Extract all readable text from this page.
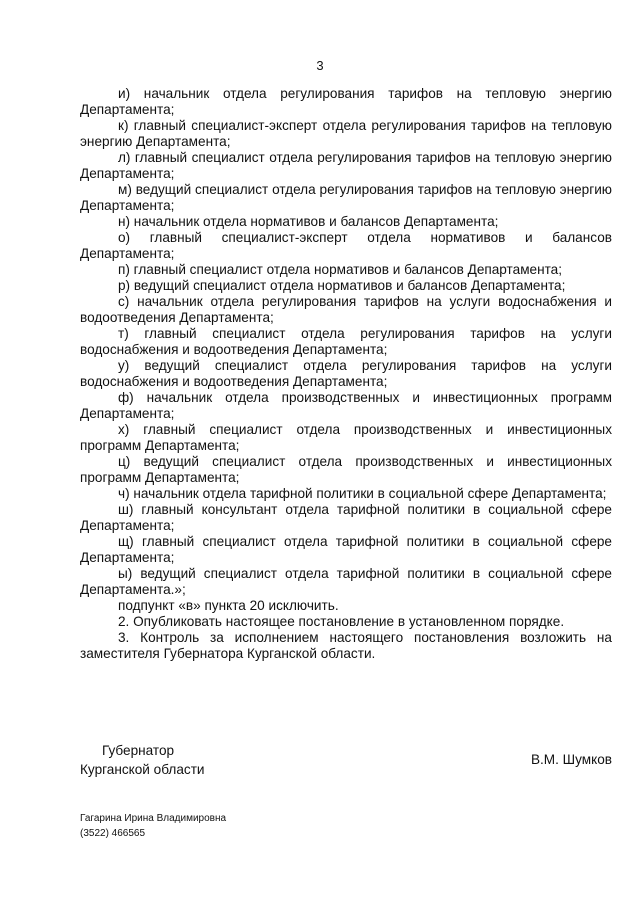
3

и) начальник отдела регулирования тарифов на тепловую энергию Департамента;

к) главный специалист-эксперт отдела регулирования тарифов на тепловую энергию Департамента;

л) главный специалист отдела регулирования тарифов на тепловую энергию Департамента;

м) ведущий специалист отдела регулирования тарифов на тепловую энергию Департамента;

н) начальник отдела нормативов и балансов Департамента;

о) главный специалист-эксперт отдела нормативов и балансов Департамента;

п) главный специалист отдела нормативов и балансов Департамента;

р) ведущий специалист отдела нормативов и балансов Департамента;

с) начальник отдела регулирования тарифов на услуги водоснабжения и водоотведения Департамента;

т) главный специалист отдела регулирования тарифов на услуги водоснабжения и водоотведения Департамента;

у) ведущий специалист отдела регулирования тарифов на услуги водоснабжения и водоотведения Департамента;

ф) начальник отдела производственных и инвестиционных программ Департамента;

х) главный специалист отдела производственных и инвестиционных программ Департамента;

ц) ведущий специалист отдела производственных и инвестиционных программ Департамента;

ч) начальник отдела тарифной политики в социальной сфере Департамента;

ш) главный консультант отдела тарифной политики в социальной сфере Департамента;

щ) главный специалист отдела тарифной политики в социальной сфере Департамента;

ы) ведущий специалист отдела тарифной политики в социальной сфере Департамента.»;

подпункт «в» пункта 20 исключить.

2. Опубликовать настоящее постановление в установленном порядке.

3. Контроль за исполнением настоящего постановления возложить на заместителя Губернатора Курганской области.

Губернатор
Курганской области
В.М. Шумков
Гагарина Ирина Владимировна
(3522) 466565
